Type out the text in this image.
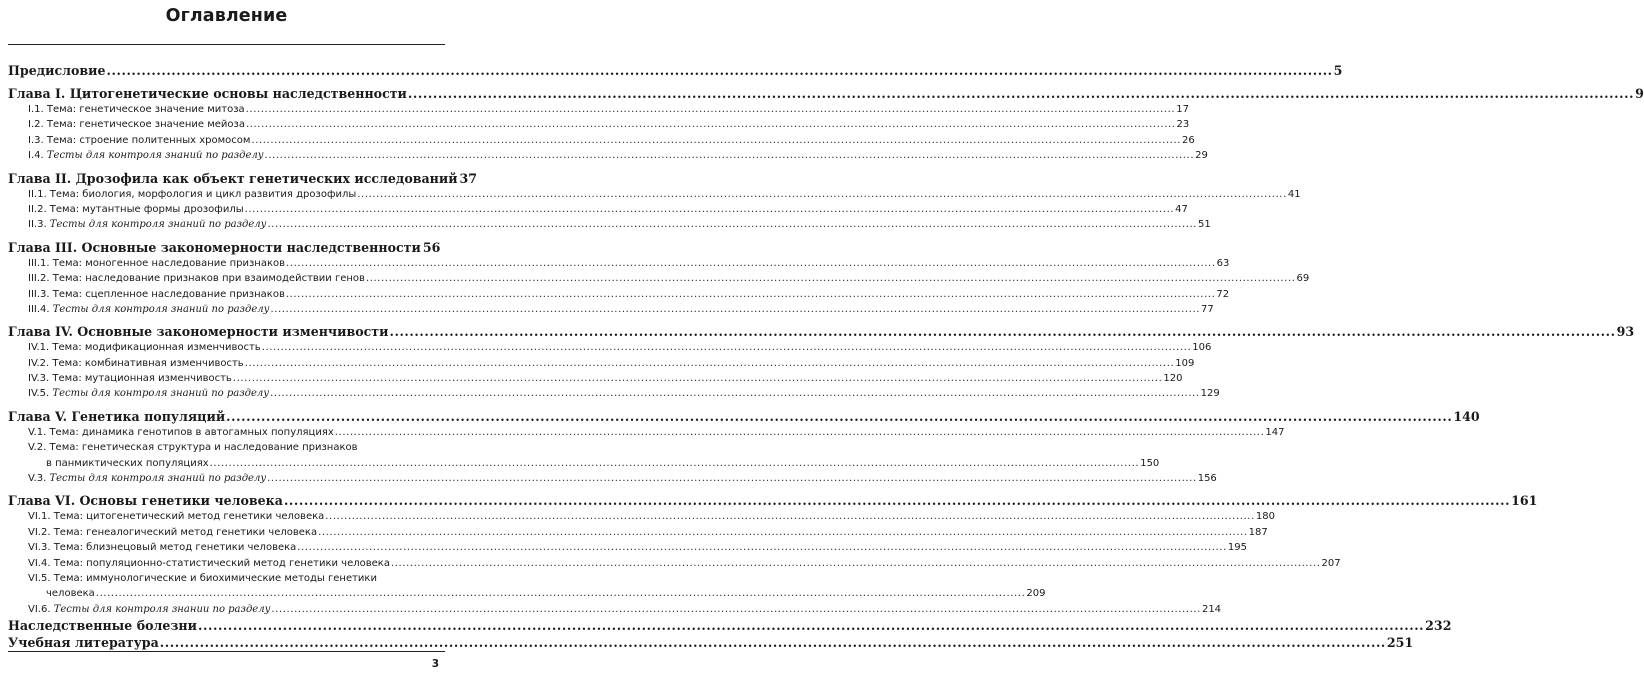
Оглавление
Предисловие .....	5
Глава I. Цитогенетические основы наследственности .....	9
I.1. Тема: генетическое значение митоза .....	17
I.2. Тема: генетическое значение мейоза .....	23
I.3. Тема: строение политенных хромосом .....	26
I.4. Тесты для контроля знаний по разделу .....	29
Глава II. Дрозофила как объект генетических исследований 37
II.1. Тема: биология, морфология и цикл развития дрозофилы .....	41
II.2. Тема: мутантные формы дрозофилы .....	47
II.3. Тесты для контроля знаний по разделу .....	51
Глава III. Основные закономерности наследственности 56
III.1. Тема: моногенное наследование признаков .....	63
III.2. Тема: наследование признаков при взаимодействии генов .....	69
III.3. Тема: сцепленное наследование признаков .....	72
III.4. Тесты для контроля знаний по разделу .....	77
Глава IV. Основные закономерности изменчивости .....	93
IV.1. Тема: модификационная изменчивость .....	106
IV.2. Тема: комбинативная изменчивость .....	109
IV.3. Тема: мутационная изменчивость .....	120
IV.5. Тесты для контроля знаний по разделу .....	129
Глава V. Генетика популяций .....	140
V.1. Тема: динамика генотипов в автогамных популяциях .....	147
V.2. Тема: генетическая структура и наследование признаков
в панмиктических популяциях .....	150
V.3. Тесты для контроля знаний по разделу .....	156
Глава VI. Основы генетики человека .....	161
VI.1. Тема: цитогенетический метод генетики человека .....	180
VI.2. Тема: генеалогический метод генетики человека .....	187
VI.3. Тема: близнецовый метод генетики человека .....	195
VI.4. Тема: популяционно-статистический метод генетики человека .....	207
VI.5. Тема: иммунологические и биохимические методы генетики
человека .....	209
VI.6. Тесты для контроля знании по разделу .....	214
Наследственные болезни .....	232
Учебная литература .....	251
3
